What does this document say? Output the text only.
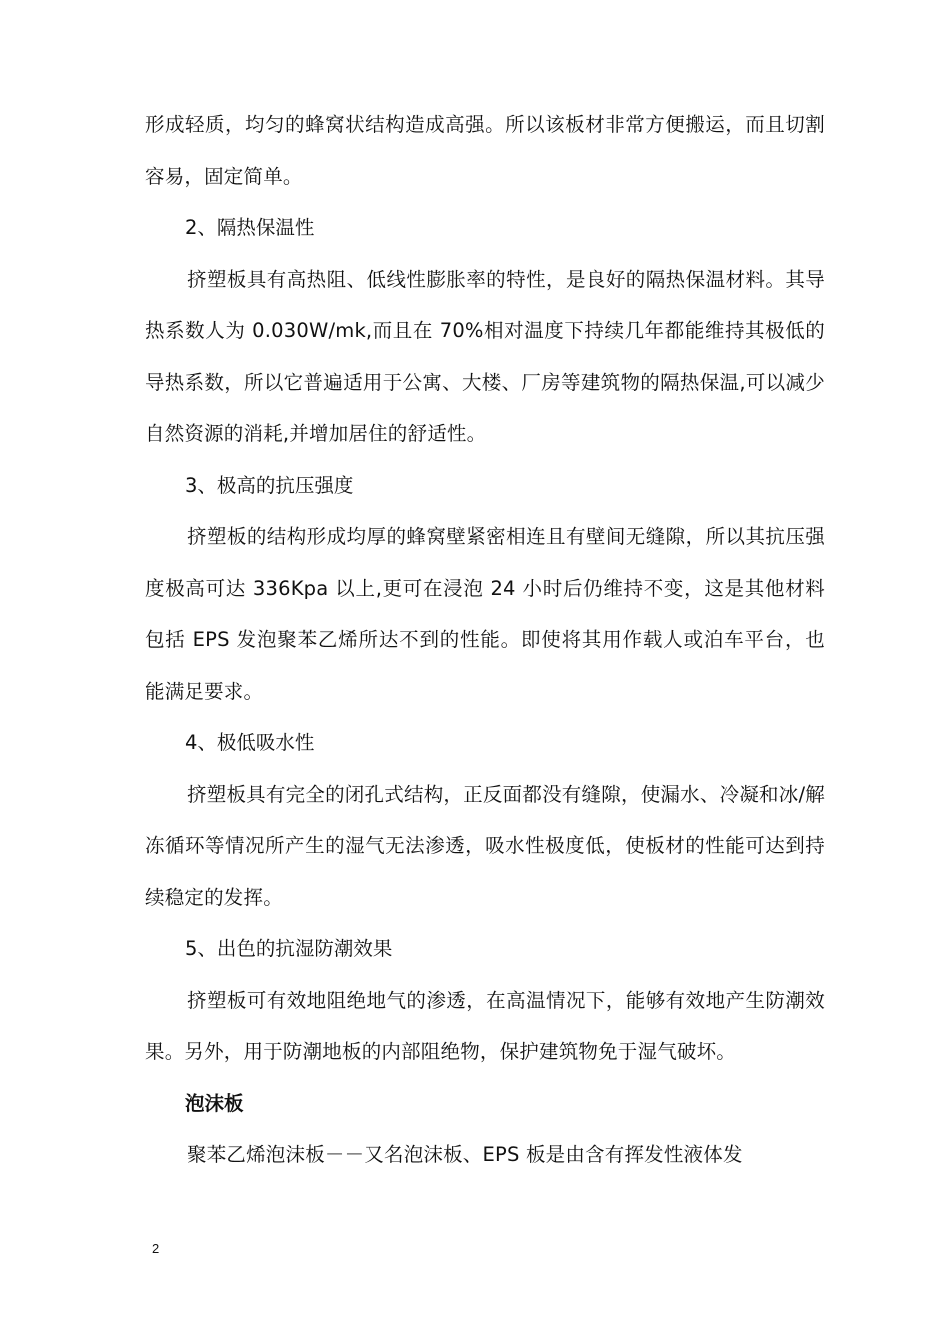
形成轻质，均匀的蜂窝状结构造成高强。所以该板材非常方便搬运，而且切割容易，固定简单。

2、隔热保温性

挤塑板具有高热阻、低线性膨胀率的特性，是良好的隔热保温材料。其导热系数人为 0.030W/mk,而且在 70%相对温度下持续几年都能维持其极低的导热系数，所以它普遍适用于公寓、大楼、厂房等建筑物的隔热保温,可以减少自然资源的消耗,并增加居住的舒适性。

3、极高的抗压强度

挤塑板的结构形成均厚的蜂窝壁紧密相连且有壁间无缝隙，所以其抗压强度极高可达 336Kpa 以上,更可在浸泡 24 小时后仍维持不变，这是其他材料包括 EPS 发泡聚苯乙烯所达不到的性能。即使将其用作载人或泊车平台，也能满足要求。

4、极低吸水性

挤塑板具有完全的闭孔式结构，正反面都没有缝隙，使漏水、冷凝和冰/解冻循环等情况所产生的湿气无法渗透，吸水性极度低，使板材的性能可达到持续稳定的发挥。

5、出色的抗湿防潮效果

挤塑板可有效地阻绝地气的渗透，在高温情况下，能够有效地产生防潮效果。另外，用于防潮地板的内部阻绝物，保护建筑物免于湿气破坏。

泡沫板

聚苯乙烯泡沫板－－又名泡沫板、EPS 板是由含有挥发性液体发

2
